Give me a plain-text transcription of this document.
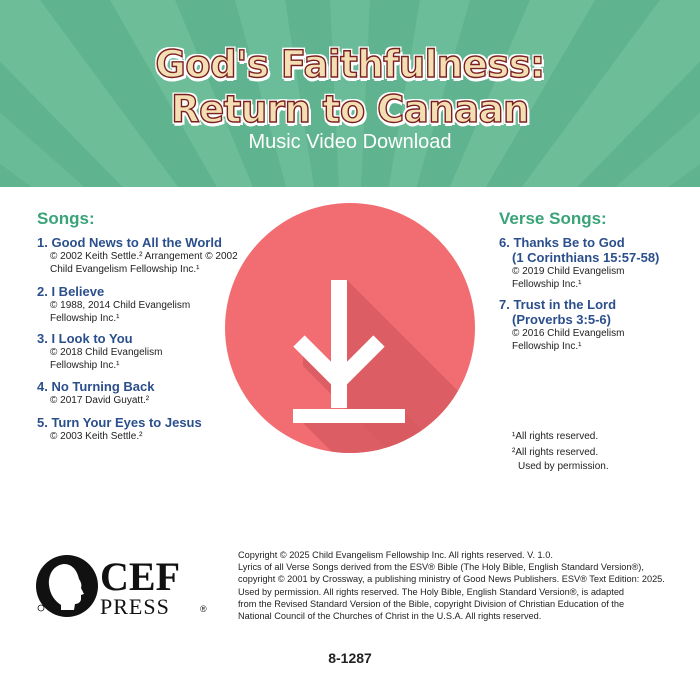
God's Faithfulness:
Return to Canaan
Music Video Download
Songs:
1. Good News to All the World
© 2002 Keith Settle.² Arrangement © 2002
Child Evangelism Fellowship Inc.¹
2. I Believe
© 1988, 2014 Child Evangelism
Fellowship Inc.¹
3. I Look to You
© 2018 Child Evangelism
Fellowship Inc.¹
4. No Turning Back
© 2017 David Guyatt.²
5. Turn Your Eyes to Jesus
© 2003 Keith Settle.²
Verse Songs:
6. Thanks Be to God
(1 Corinthians 15:57-58)
© 2019 Child Evangelism
Fellowship Inc.¹
7. Trust in the Lord
(Proverbs 3:5-6)
© 2016 Child Evangelism
Fellowship Inc.¹
¹All rights reserved.
²All rights reserved.
Used by permission.
CEF
PRESS	®
Copyright © 2025 Child Evangelism Fellowship Inc. All rights reserved. V. 1.0.
Lyrics of all Verse Songs derived from the ESV® Bible (The Holy Bible, English Standard Version®),
copyright © 2001 by Crossway, a publishing ministry of Good News Publishers. ESV® Text Edition: 2025.
Used by permission. All rights reserved. The Holy Bible, English Standard Version®, is adapted
from the Revised Standard Version of the Bible, copyright Division of Christian Education of the
National Council of the Churches of Christ in the U.S.A. All rights reserved.
8-1287
